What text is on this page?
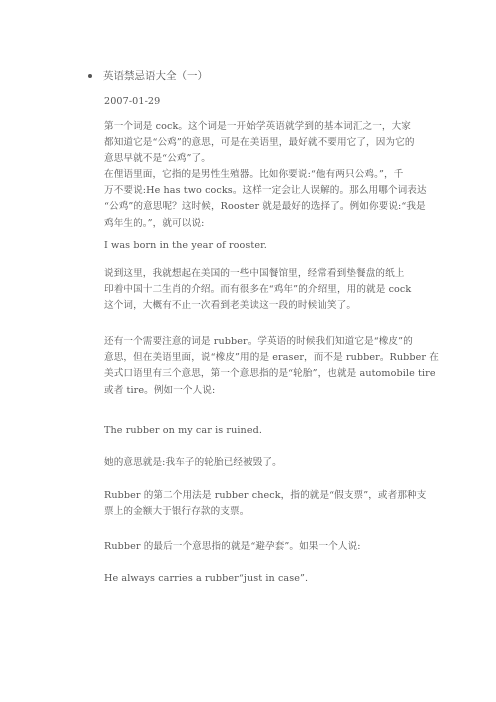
英语禁忌语大全（一）

2007-01-29

第一个词是 cock。这个词是一开始学英语就学到的基本词汇之一，大家
都知道它是“公鸡”的意思，可是在美语里，最好就不要用它了，因为它的
意思早就不是“公鸡”了。

在俚语里面，它指的是男性生殖器。比如你要说:“他有两只公鸡。”，千
万不要说:He has two cocks。这样一定会让人误解的。那么用哪个词表达
“公鸡”的意思呢？这时候，Rooster 就是最好的选择了。例如你要说:“我是
鸡年生的。”，就可以说:

I was born in the year of rooster.

说到这里，我就想起在美国的一些中国餐馆里，经常看到垫餐盘的纸上
印着中国十二生肖的介绍。而有很多在“鸡年”的介绍里，用的就是 cock
这个词，大概有不止一次看到老美读这一段的时候讪笑了。

还有一个需要注意的词是 rubber。学英语的时候我们知道它是“橡皮”的
意思，但在美语里面，说“橡皮”用的是 eraser，而不是 rubber。Rubber 在
美式口语里有三个意思，第一个意思指的是“轮胎”，也就是 automobile tire
或者 tire。例如一个人说:

The rubber on my car is ruined.

她的意思就是:我车子的轮胎已经被毁了。

Rubber 的第二个用法是 rubber check，指的就是“假支票”，或者那种支
票上的金额大于银行存款的支票。

Rubber 的最后一个意思指的就是“避孕套”。如果一个人说:

He always carries a rubber“just in case”.
